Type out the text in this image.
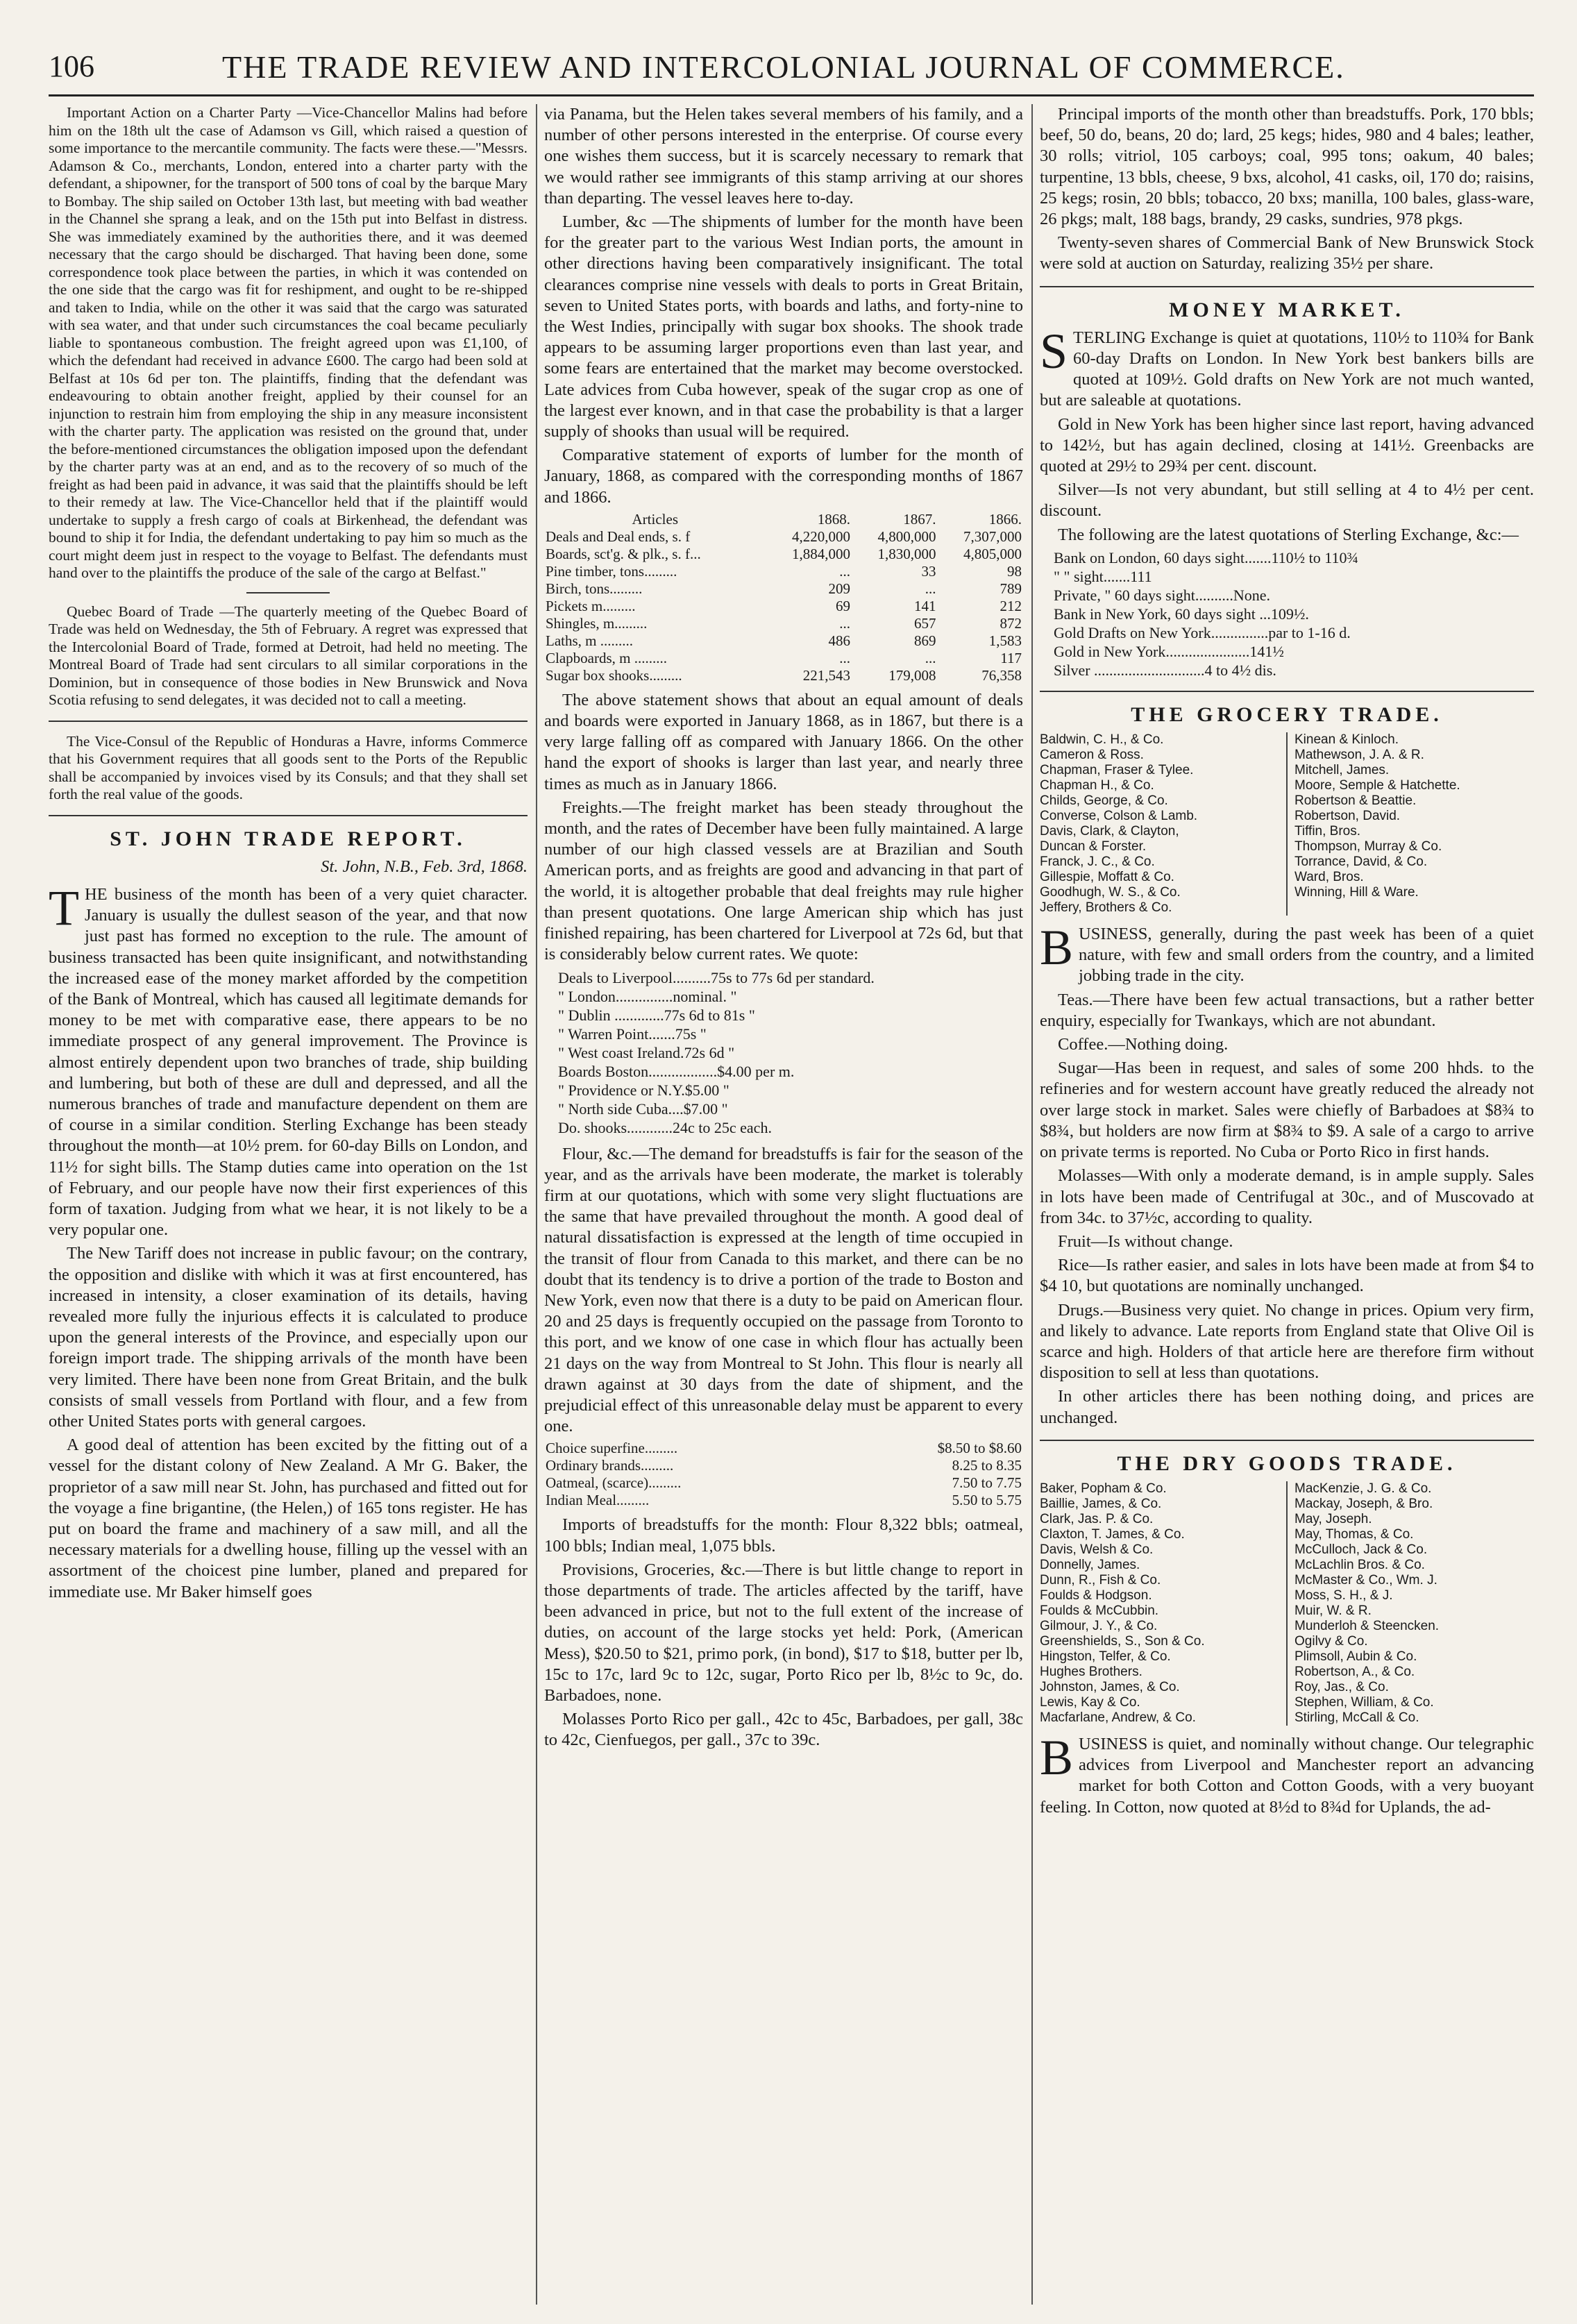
106	THE TRADE REVIEW AND INTERCOLONIAL JOURNAL OF COMMERCE.

Important Action on a Charter Party —Vice-Chancellor Malins had before him on the 18th ult the case of Adamson vs Gill, which raised a question of some importance to the mercantile community. The facts were these.—"Messrs. Adamson & Co., merchants, London, entered into a charter party with the defendant, a shipowner, for the transport of 500 tons of coal by the barque Mary to Bombay. The ship sailed on October 13th last, but meeting with bad weather in the Channel she sprang a leak, and on the 15th put into Belfast in distress. She was immediately examined by the authorities there, and it was deemed necessary that the cargo should be discharged. That having been done, some correspondence took place between the parties, in which it was contended on the one side that the cargo was fit for reshipment, and ought to be re-shipped and taken to India, while on the other it was said that the cargo was saturated with sea water, and that under such circumstances the coal became peculiarly liable to spontaneous combustion. The freight agreed upon was £1,100, of which the defendant had received in advance £600. The cargo had been sold at Belfast at 10s 6d per ton. The plaintiffs, finding that the defendant was endeavouring to obtain another freight, applied by their counsel for an injunction to restrain him from employing the ship in any measure inconsistent with the charter party. The application was resisted on the ground that, under the before-mentioned circumstances the obligation imposed upon the defendant by the charter party was at an end, and as to the recovery of so much of the freight as had been paid in advance, it was said that the plaintiffs should be left to their remedy at law. The Vice-Chancellor held that if the plaintiff would undertake to supply a fresh cargo of coals at Birkenhead, the defendant was bound to ship it for India, the defendant undertaking to pay him so much as the court might deem just in respect to the voyage to Belfast. The defendants must hand over to the plaintiffs the produce of the sale of the cargo at Belfast."

Quebec Board of Trade —The quarterly meeting of the Quebec Board of Trade was held on Wednesday, the 5th of February. A regret was expressed that the Intercolonial Board of Trade, formed at Detroit, had held no meeting. The Montreal Board of Trade had sent circulars to all similar corporations in the Dominion, but in consequence of those bodies in New Brunswick and Nova Scotia refusing to send delegates, it was decided not to call a meeting.

The Vice-Consul of the Republic of Honduras a Havre, informs Commerce that his Government requires that all goods sent to the Ports of the Republic shall be accompanied by invoices vised by its Consuls; and that they shall set forth the real value of the goods.

ST. JOHN TRADE REPORT.

St. John, N.B., Feb. 3rd, 1868.

THE business of the month has been of a very quiet character. January is usually the dullest season of the year, and that now just past has formed no exception to the rule. The amount of business transacted has been quite insignificant, and notwithstanding the increased ease of the money market afforded by the competition of the Bank of Montreal, which has caused all legitimate demands for money to be met with comparative ease, there appears to be no immediate prospect of any general improvement. The Province is almost entirely dependent upon two branches of trade, ship building and lumbering, but both of these are dull and depressed, and all the numerous branches of trade and manufacture dependent on them are of course in a similar condition. Sterling Exchange has been steady throughout the month—at 10½ prem. for 60-day Bills on London, and 11½ for sight bills. The Stamp duties came into operation on the 1st of February, and our people have now their first experiences of this form of taxation. Judging from what we hear, it is not likely to be a very popular one.

The New Tariff does not increase in public favour; on the contrary, the opposition and dislike with which it was at first encountered, has increased in intensity, a closer examination of its details, having revealed more fully the injurious effects it is calculated to produce upon the general interests of the Province, and especially upon our foreign import trade. The shipping arrivals of the month have been very limited. There have been none from Great Britain, and the bulk consists of small vessels from Portland with flour, and a few from other United States ports with general cargoes.

A good deal of attention has been excited by the fitting out of a vessel for the distant colony of New Zealand. A Mr G. Baker, the proprietor of a saw mill near St. John, has purchased and fitted out for the voyage a fine brigantine, (the Helen,) of 165 tons register. He has put on board the frame and machinery of a saw mill, and all the necessary materials for a dwelling house, filling up the vessel with an assortment of the choicest pine lumber, planed and prepared for immediate use. Mr Baker himself goes

via Panama, but the Helen takes several members of his family, and a number of other persons interested in the enterprise. Of course every one wishes them success, but it is scarcely necessary to remark that we would rather see immigrants of this stamp arriving at our shores than departing. The vessel leaves here to-day.

Lumber, &c —The shipments of lumber for the month have been for the greater part to the various West Indian ports, the amount in other directions having been comparatively insignificant. The total clearances comprise nine vessels with deals to ports in Great Britain, seven to United States ports, with boards and laths, and forty-nine to the West Indies, principally with sugar box shooks. The shook trade appears to be assuming larger proportions even than last year, and some fears are entertained that the market may become overstocked. Late advices from Cuba however, speak of the sugar crop as one of the largest ever known, and in that case the probability is that a larger supply of shooks than usual will be required.

Comparative statement of exports of lumber for the month of January, 1868, as compared with the corresponding months of 1867 and 1866.

Articles	1868.	1867.	1866.
Deals and Deal ends, s. f	4,220,000	4,800,000	7,307,000
Boards, sct'g. & plk., s. f...	1,884,000	1,830,000	4,805,000
Pine timber, tons.........	...	33	98
Birch, tons.........	209	...	789
Pickets m.........	69	141	212
Shingles, m.........	...	657	872
Laths, m .........	486	869	1,583
Clapboards, m .........	...	...	117
Sugar box shooks.........	221,543	179,008	76,358

The above statement shows that about an equal amount of deals and boards were exported in January 1868, as in 1867, but there is a very large falling off as compared with January 1866. On the other hand the export of shooks is larger than last year, and nearly three times as much as in January 1866.

Freights.—The freight market has been steady throughout the month, and the rates of December have been fully maintained. A large number of our high classed vessels are at Brazilian and South American ports, and as freights are good and advancing in that part of the world, it is altogether probable that deal freights may rule higher than present quotations. One large American ship which has just finished repairing, has been chartered for Liverpool at 72s 6d, but that is considerably below current rates. We quote:

Deals to Liverpool..........75s to 77s 6d per standard.
" London...............nominal. "
" Dublin .............77s 6d to 81s "
" Warren Point.......75s "
" West coast Ireland.72s 6d "
Boards Boston..................$4.00 per m.
" Providence or N.Y.$5.00 "
" North side Cuba....$7.00 "
Do. shooks............24c to 25c each.

Flour, &c.—The demand for breadstuffs is fair for the season of the year, and as the arrivals have been moderate, the market is tolerably firm at our quotations, which with some very slight fluctuations are the same that have prevailed throughout the month. A good deal of natural dissatisfaction is expressed at the length of time occupied in the transit of flour from Canada to this market, and there can be no doubt that its tendency is to drive a portion of the trade to Boston and New York, even now that there is a duty to be paid on American flour. 20 and 25 days is frequently occupied on the passage from Toronto to this port, and we know of one case in which flour has actually been 21 days on the way from Montreal to St John. This flour is nearly all drawn against at 30 days from the date of shipment, and the prejudicial effect of this unreasonable delay must be apparent to every one.

Choice superfine.........	$8.50 to $8.60
Ordinary brands.........	8.25 to 8.35
Oatmeal, (scarce).........	7.50 to 7.75
Indian Meal.........	5.50 to 5.75

Imports of breadstuffs for the month: Flour 8,322 bbls; oatmeal, 100 bbls; Indian meal, 1,075 bbls.

Provisions, Groceries, &c.—There is but little change to report in those departments of trade. The articles affected by the tariff, have been advanced in price, but not to the full extent of the increase of duties, on account of the large stocks yet held: Pork, (American Mess), $20.50 to $21, primo pork, (in bond), $17 to $18, butter per lb, 15c to 17c, lard 9c to 12c, sugar, Porto Rico per lb, 8½c to 9c, do. Barbadoes, none.

Molasses Porto Rico per gall., 42c to 45c, Barbadoes, per gall, 38c to 42c, Cienfuegos, per gall., 37c to 39c.

Principal imports of the month other than breadstuffs. Pork, 170 bbls; beef, 50 do, beans, 20 do; lard, 25 kegs; hides, 980 and 4 bales; leather, 30 rolls; vitriol, 105 carboys; coal, 995 tons; oakum, 40 bales; turpentine, 13 bbls, cheese, 9 bxs, alcohol, 41 casks, oil, 170 do; raisins, 25 kegs; rosin, 20 bbls; tobacco, 20 bxs; manilla, 100 bales, glass-ware, 26 pkgs; malt, 188 bags, brandy, 29 casks, sundries, 978 pkgs.

Twenty-seven shares of Commercial Bank of New Brunswick Stock were sold at auction on Saturday, realizing 35½ per share.

MONEY MARKET.

STERLING Exchange is quiet at quotations, 110½ to 110¾ for Bank 60-day Drafts on London. In New York best bankers bills are quoted at 109½. Gold drafts on New York are not much wanted, but are saleable at quotations.

Gold in New York has been higher since last report, having advanced to 142½, but has again declined, closing at 141½. Greenbacks are quoted at 29½ to 29¾ per cent. discount.

Silver—Is not very abundant, but still selling at 4 to 4½ per cent. discount.

The following are the latest quotations of Sterling Exchange, &c:—

Bank on London, 60 days sight.......110½ to 110¾
" " sight.......111
Private, " 60 days sight..........None.
Bank in New York, 60 days sight ...109½.
Gold Drafts on New York...............par to 1-16 d.
Gold in New York......................141½
Silver .............................4 to 4½ dis.
THE GROCERY TRADE.
Baldwin, C. H., & Co.
Cameron & Ross.
Chapman, Fraser & Tylee.
Chapman H., & Co.
Childs, George, & Co.
Converse, Colson & Lamb.
Davis, Clark, & Clayton,
Duncan & Forster.
Franck, J. C., & Co.
Gillespie, Moffatt & Co.
Goodhugh, W. S., & Co.
Jeffery, Brothers & Co.
Kinean & Kinloch.
Mathewson, J. A. & R.
Mitchell, James.
Moore, Semple & Hatchette.
Robertson & Beattie.
Robertson, David.
Tiffin, Bros.
Thompson, Murray & Co.
Torrance, David, & Co.
Ward, Bros.
Winning, Hill & Ware.

BUSINESS, generally, during the past week has been of a quiet nature, with few and small orders from the country, and a limited jobbing trade in the city.

Teas.—There have been few actual transactions, but a rather better enquiry, especially for Twankays, which are not abundant.

Coffee.—Nothing doing.

Sugar—Has been in request, and sales of some 200 hhds. to the refineries and for western account have greatly reduced the already not over large stock in market. Sales were chiefly of Barbadoes at $8¾ to $8¾, but holders are now firm at $8¾ to $9. A sale of a cargo to arrive on private terms is reported. No Cuba or Porto Rico in first hands.

Molasses—With only a moderate demand, is in ample supply. Sales in lots have been made of Centrifugal at 30c., and of Muscovado at from 34c. to 37½c, according to quality.

Fruit—Is without change.

Rice—Is rather easier, and sales in lots have been made at from $4 to $4 10, but quotations are nominally unchanged.

Drugs.—Business very quiet. No change in prices. Opium very firm, and likely to advance. Late reports from England state that Olive Oil is scarce and high. Holders of that article here are therefore firm without disposition to sell at less than quotations.

In other articles there has been nothing doing, and prices are unchanged.

THE DRY GOODS TRADE.
Baker, Popham & Co.
Baillie, James, & Co.
Clark, Jas. P. & Co.
Claxton, T. James, & Co.
Davis, Welsh & Co.
Donnelly, James.
Dunn, R., Fish & Co.
Foulds & Hodgson.
Foulds & McCubbin.
Gilmour, J. Y., & Co.
Greenshields, S., Son & Co.
Hingston, Telfer, & Co.
Hughes Brothers.
Johnston, James, & Co.
Lewis, Kay & Co.
Macfarlane, Andrew, & Co.
MacKenzie, J. G. & Co.
Mackay, Joseph, & Bro.
May, Joseph.
May, Thomas, & Co.
McCulloch, Jack & Co.
McLachlin Bros. & Co.
McMaster & Co., Wm. J.
Moss, S. H., & J.
Muir, W. & R.
Munderloh & Steencken.
Ogilvy & Co.
Plimsoll, Aubin & Co.
Robertson, A., & Co.
Roy, Jas., & Co.
Stephen, William, & Co.
Stirling, McCall & Co.

BUSINESS is quiet, and nominally without change. Our telegraphic advices from Liverpool and Manchester report an advancing market for both Cotton and Cotton Goods, with a very buoyant feeling. In Cotton, now quoted at 8½d to 8¾d for Uplands, the ad-
